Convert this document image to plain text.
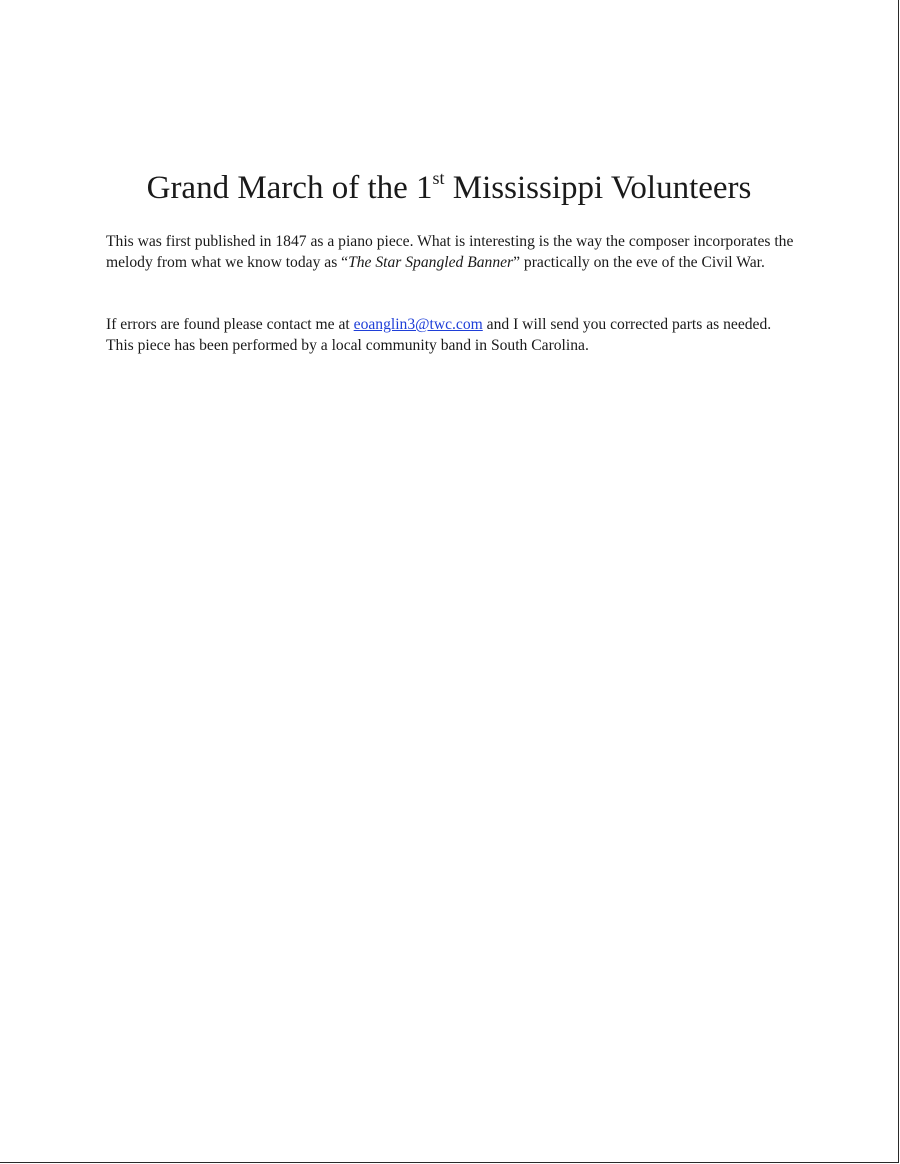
Grand March of the 1st Mississippi Volunteers

This was first published in 1847 as a piano piece. What is interesting is the way the composer incorporates the melody from what we know today as “The Star Spangled Banner” practically on the eve of the Civil War.

If errors are found please contact me at eoanglin3@twc.com and I will send you corrected parts as needed. This piece has been performed by a local community band in South Carolina.
